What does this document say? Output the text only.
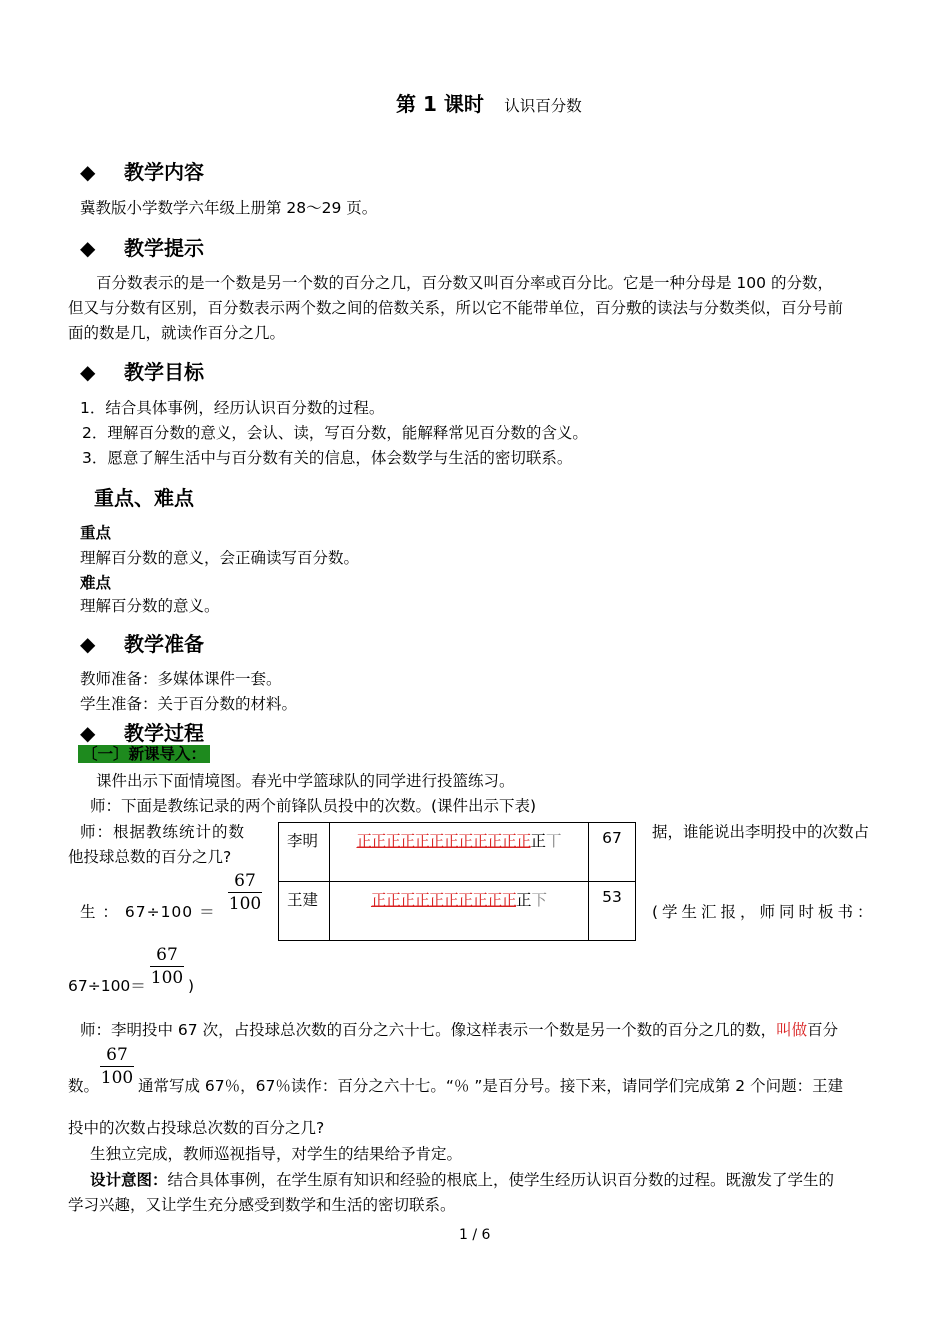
第 1 课时 认识百分数
◆ 教学内容
冀教版小学数学六年级上册第 28～29 页。
◆ 教学提示
百分数表示的是一个数是另一个数的百分之几，百分数又叫百分率或百分比。它是一种分母是 100 的分数，
但又与分数有区别，百分数表示两个数之间的倍数关系，所以它不能带单位，百分敷的读法与分数类似，百分号前
面的数是几，就读作百分之几。
◆ 教学目标
1．结合具体事例，经历认识百分数的过程。
2．理解百分数的意义，会认、读，写百分数，能解释常见百分数的含义。
3．愿意了解生活中与百分数有关的信息，体会数学与生活的密切联系。
重点、难点
重点
理解百分数的意义，会正确读写百分数。
难点
理解百分数的意义。
◆ 教学准备
教师准备：多媒体课件一套。
学生准备：关于百分数的材料。
◆ 教学过程
〔一〕新课导入：
课件出示下面情境图。春光中学篮球队的同学进行投篮练习。
师：下面是教练记录的两个前锋队员投中的次数。(课件出示下表)
师：根据教练统计的数	据，谁能说出李明投中的次数占
他投球总数的百分之几?
李明	正正正正正正正正正正正正正丅	67
王建	正正正正正正正正正正正下	53
生 ： 67÷100 ＝
67
100	(学生汇报，师同时板书：
67÷100＝
67
100 )
师：李明投中 67 次，占投球总次数的百分之六十七。像这样表示一个数是另一个数的百分之几的数，叫做百分
67
100
数。	通常写成 67％，67％读作：百分之六十七。“％ ”是百分号。接下来，请同学们完成第 2 个问题：王建
投中的次数占投球总次数的百分之几?
生独立完成，教师巡视指导，对学生的结果给予肯定。
设计意图：结合具体事例，在学生原有知识和经验的根底上，使学生经历认识百分数的过程。既激发了学生的
学习兴趣，又让学生充分感受到数学和生活的密切联系。
1 / 6
